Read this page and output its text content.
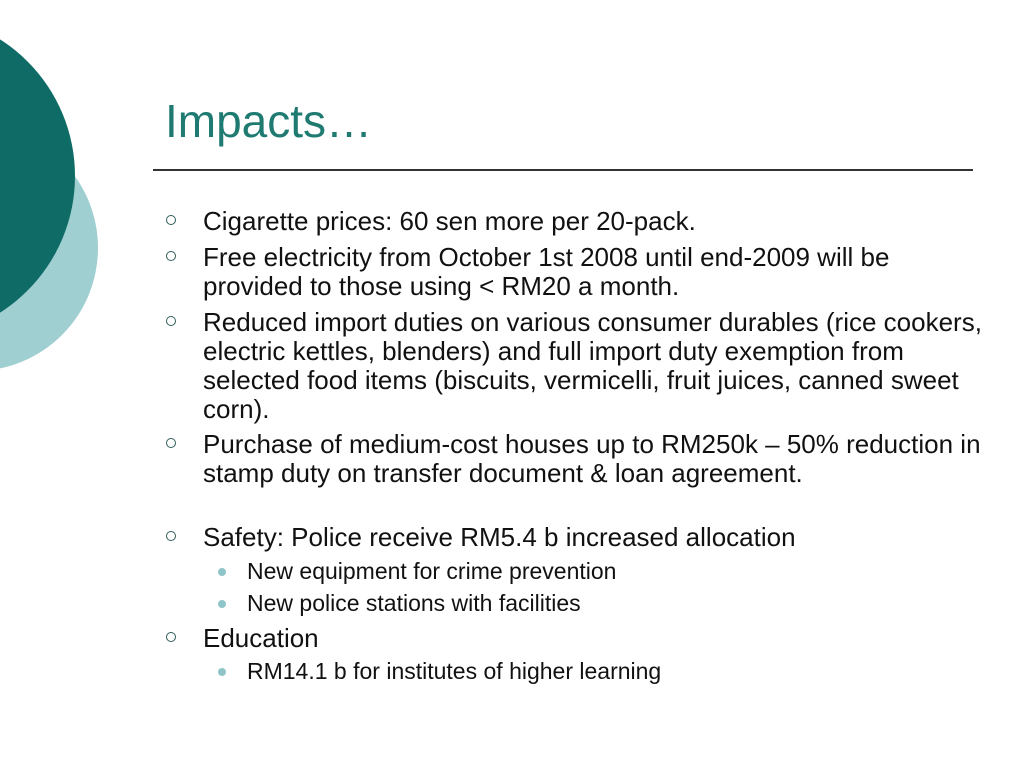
Impacts…
Cigarette prices: 60 sen more per 20-pack.
Free electricity from October 1st 2008 until end-2009 will be provided to those using < RM20 a month.
Reduced import duties on various consumer durables (rice cookers, electric kettles, blenders) and full import duty exemption from selected food items (biscuits, vermicelli, fruit juices, canned sweet corn).
Purchase of medium-cost houses up to RM250k – 50% reduction in stamp duty on transfer document & loan agreement.
Safety: Police receive RM5.4 b increased allocation
New equipment for crime prevention
New police stations with facilities
Education
RM14.1 b for institutes of higher learning
